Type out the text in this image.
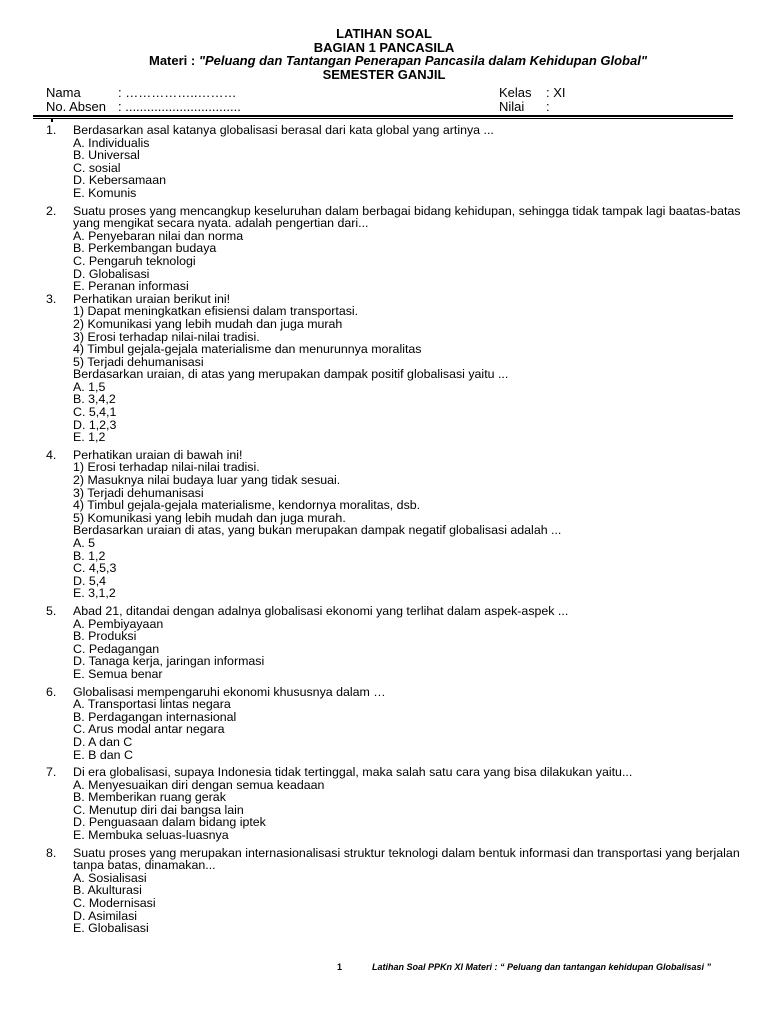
LATIHAN SOAL
BAGIAN 1 PANCASILA
Materi : "Peluang dan Tantangan Penerapan Pancasila dalam Kehidupan Global"
SEMESTER GANJIL
Nama	: ……………..………	Kelas : XI
No. Absen : ................................	Nilai :
1. Berdasarkan asal katanya globalisasi berasal dari kata global yang artinya ...
A. Individualis
B. Universal
C. sosial
D. Kebersamaan
E. Komunis
2. Suatu proses yang mencangkup keseluruhan dalam berbagai bidang kehidupan, sehingga tidak tampak lagi baatas-batas yang mengikat secara nyata. adalah pengertian dari...
A. Penyebaran nilai dan norma
B. Perkembangan budaya
C. Pengaruh teknologi
D. Globalisasi
E. Peranan informasi
3. Perhatikan uraian berikut ini!
1) Dapat meningkatkan efisiensi dalam transportasi.
2) Komunikasi yang lebih mudah dan juga murah
3) Erosi terhadap nilai-nilai tradisi.
4) Timbul gejala-gejala materialisme dan menurunnya moralitas
5) Terjadi dehumanisasi
Berdasarkan uraian, di atas yang merupakan dampak positif globalisasi yaitu ...
A. 1,5
B. 3,4,2
C. 5,4,1
D. 1,2,3
E. 1,2
4. Perhatikan uraian di bawah ini!
1) Erosi terhadap nilai-nilai tradisi.
2) Masuknya nilai budaya luar yang tidak sesuai.
3) Terjadi dehumanisasi
4) Timbul gejala-gejala materialisme, kendornya moralitas, dsb.
5) Komunikasi yang lebih mudah dan juga murah.
Berdasarkan uraian di atas, yang bukan merupakan dampak negatif globalisasi adalah ...
A. 5
B. 1,2
C. 4,5,3
D. 5,4
E. 3,1,2
5. Abad 21, ditandai dengan adalnya globalisasi ekonomi yang terlihat dalam aspek-aspek ...
A. Pembiyayaan
B. Produksi
C. Pedagangan
D. Tanaga kerja, jaringan informasi
E. Semua benar
6. Globalisasi mempengaruhi ekonomi khususnya dalam …
A. Transportasi lintas negara
B. Perdagangan internasional
C. Arus modal antar negara
D. A dan C
E. B dan C
7. Di era globalisasi, supaya Indonesia tidak tertinggal, maka salah satu cara yang bisa dilakukan yaitu...
A. Menyesuaikan diri dengan semua keadaan
B. Memberikan ruang gerak
C. Menutup diri dai bangsa lain
D. Penguasaan dalam bidang iptek
E. Membuka seluas-luasnya
8. Suatu proses yang merupakan internasionalisasi struktur teknologi dalam bentuk informasi dan transportasi yang berjalan tanpa batas, dinamakan...
A. Sosialisasi
B. Akulturasi
C. Modernisasi
D. Asimilasi
E. Globalisasi
1	Latihan Soal PPKn XI Materi : “ Peluang dan tantangan kehidupan Globalisasi ”
